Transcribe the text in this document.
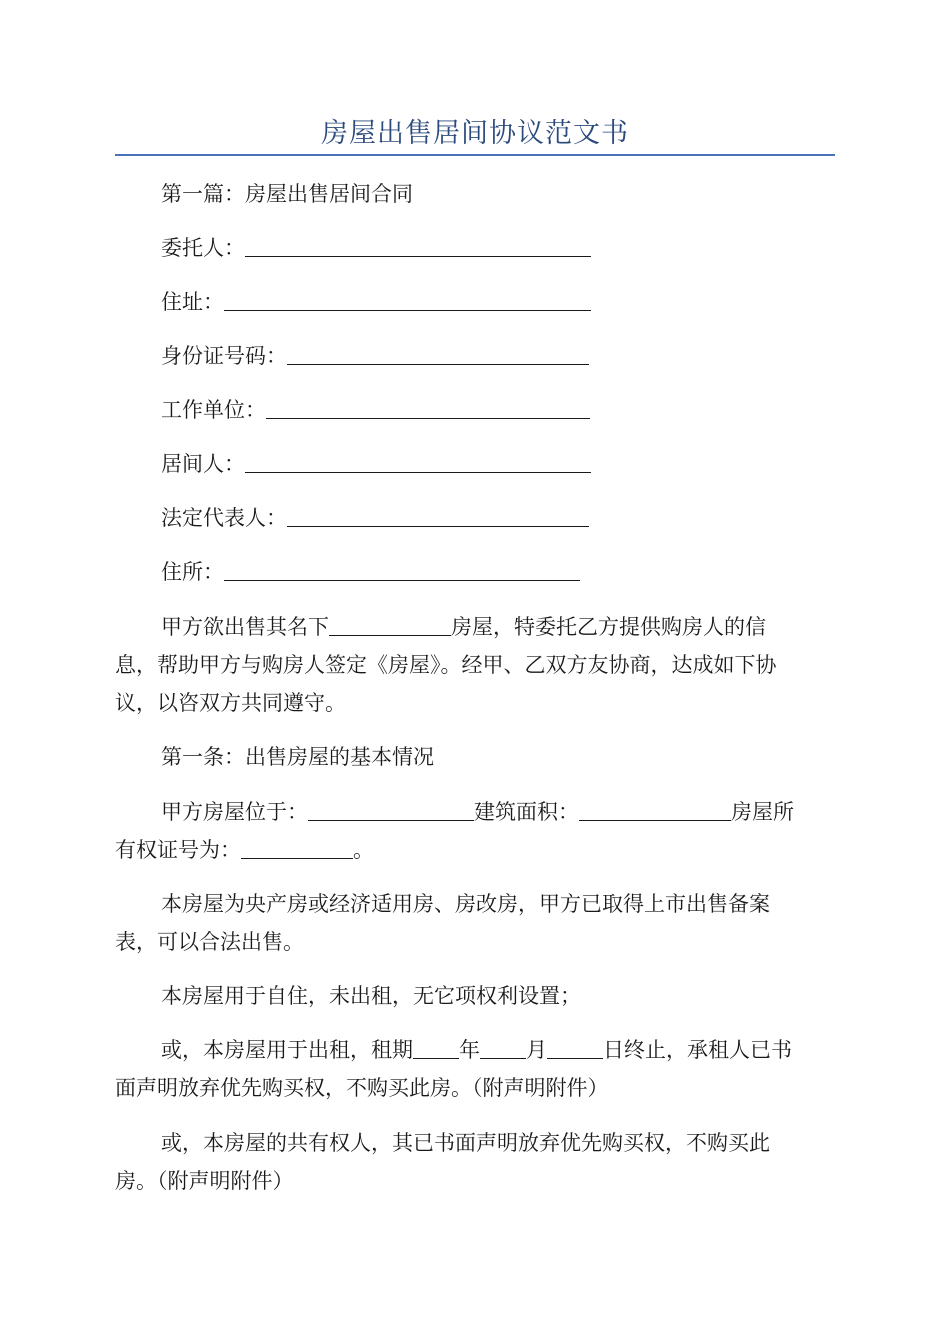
房屋出售居间协议范文书
第一篇：房屋出售居间合同
委托人：
住址：
身份证号码：
工作单位：
居间人：
法定代表人：
住所：
甲方欲出售其名下	房屋，特委托乙方提供购房人的信
息，帮助甲方与购房人签定《房屋》。经甲、乙双方友协商，达成如下协
议，以咨双方共同遵守。
第一条：出售房屋的基本情况
甲方房屋位于：	建筑面积：	房屋所
有权证号为：	。
本房屋为央产房或经济适用房、房改房，甲方已取得上市出售备案
表，可以合法出售。
本房屋用于自住，未出租，无它项权利设置；
或，本房屋用于出租，租期 年 月	日终止，承租人已书
面声明放弃优先购买权，不购买此房。（附声明附件）
或，本房屋的共有权人，其已书面声明放弃优先购买权，不购买此
房。（附声明附件）
